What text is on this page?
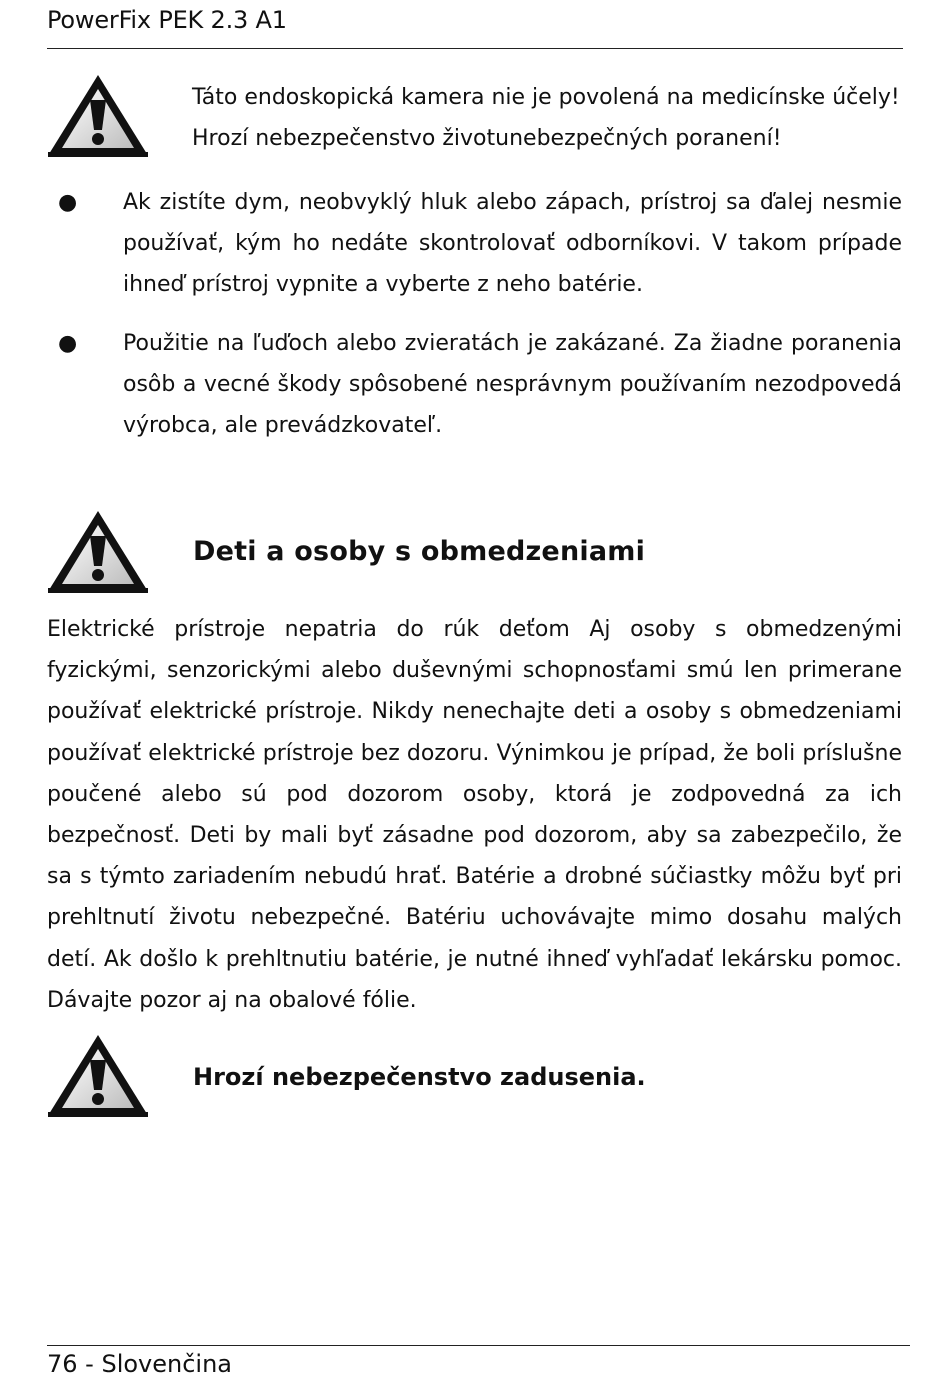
PowerFix PEK 2.3 A1
Táto endoskopická kamera nie je povolená na medicínske účely!
Hrozí nebezpečenstvo životunebezpečných poranení!
● Ak zistíte dym, neobvyklý hluk alebo zápach, prístroj sa ďalej nesmie používať, kým ho nedáte skontrolovať odborníkovi. V takom prípade ihneď prístroj vypnite a vyberte z neho batérie.
● Použitie na ľuďoch alebo zvieratách je zakázané. Za žiadne poranenia osôb a vecné škody spôsobené nesprávnym používaním nezodpovedá výrobca, ale prevádzkovateľ.
Deti a osoby s obmedzeniami
Elektrické prístroje nepatria do rúk deťom Aj osoby s obmedzenými fyzickými, senzorickými alebo duševnými schopnosťami smú len primerane používať elektrické prístroje. Nikdy nenechajte deti a osoby s obmedzeniami používať elektrické prístroje bez dozoru. Výnimkou je prípad, že boli príslušne poučené alebo sú pod dozorom osoby, ktorá je zodpovedná za ich bezpečnosť. Deti by mali byť zásadne pod dozorom, aby sa zabezpečilo, že sa s týmto zariadením nebudú hrať. Batérie a drobné súčiastky môžu byť pri prehltnutí životu nebezpečné. Batériu uchovávajte mimo dosahu malých detí. Ak došlo k prehltnutiu batérie, je nutné ihneď vyhľadať lekársku pomoc. Dávajte pozor aj na obalové fólie.
Hrozí nebezpečenstvo zadusenia.
76 - Slovenčina
